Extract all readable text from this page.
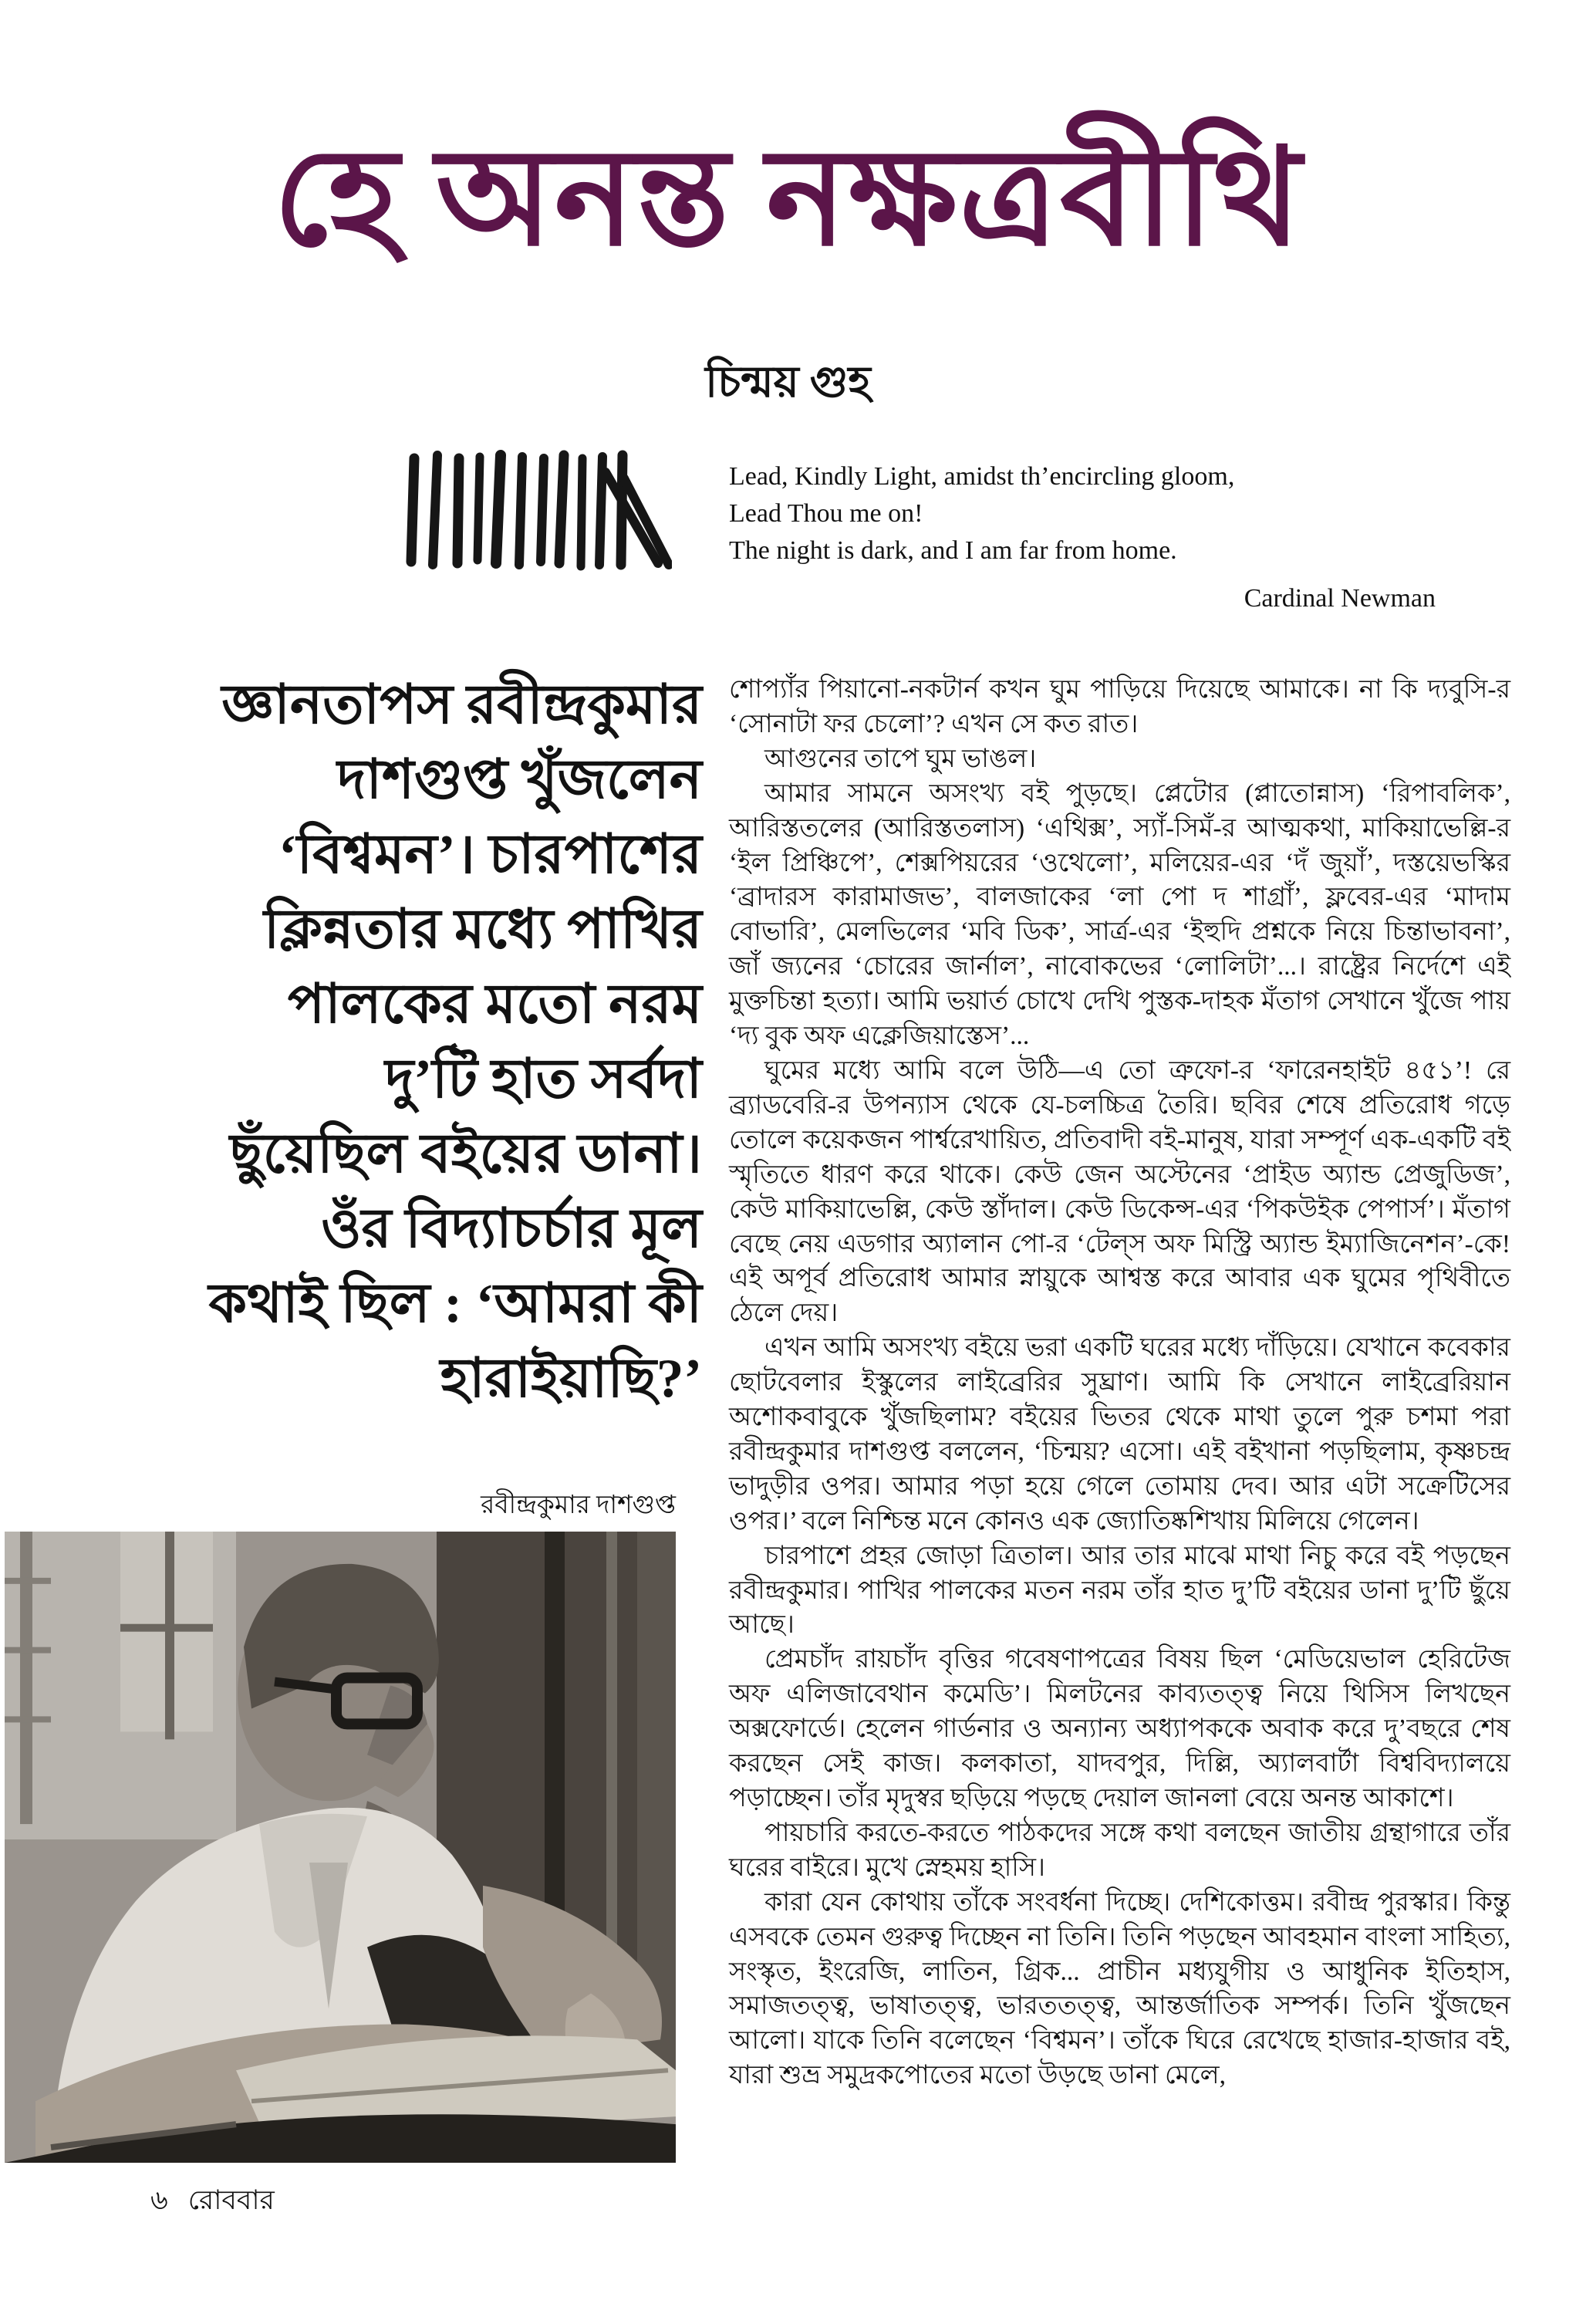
হে অনন্ত নক্ষত্রবীথি
চিন্ময় গুহ
Lead, Kindly Light, amidst th’encircling gloom,
Lead Thou me on!
The night is dark, and I am far from home.
Cardinal Newman
জ্ঞানতাপস রবীন্দ্রকুমার
দাশগুপ্ত খুঁজলেন
‘বিশ্বমন’। চারপাশের
ক্লিন্নতার মধ্যে পাখির
পালকের মতো নরম
দু’টি হাত সর্বদা
ছুঁয়েছিল বইয়ের ডানা।
ওঁর বিদ্যাচর্চার মূল
কথাই ছিল : ‘আমরা কী
হারাইয়াছি?’
রবীন্দ্রকুমার দাশগুপ্ত

শোপ্যাঁর পিয়ানো-নকটার্ন কখন ঘুম পাড়িয়ে দিয়েছে আমাকে। না কি দ্যবুসি-র ‘সোনাটা ফর চেলো’? এখন সে কত রাত।

আগুনের তাপে ঘুম ভাঙল।

আমার সামনে অসংখ্য বই পুড়ছে। প্লেটোর (প্লাতোন্নাস) ‘রিপাবলিক’, আরিস্ততলের (আরিস্ততলাস) ‘এথিক্স’, স্যাঁ-সিমঁ-র আত্মকথা, মাকিয়াভেল্লি-র ‘ইল প্রিঞ্চিপে’, শেক্সপিয়রের ‘ওথেলো’, মলিয়ের-এর ‘দঁ জুয়াঁ’, দস্তয়েভস্কির ‘ব্রাদারস কারামাজভ’, বালজাকের ‘লা পো দ শাগ্রাঁ’, ফ্লবের-এর ‘মাদাম বোভারি’, মেলভিলের ‘মবি ডিক’, সার্ত্র-এর ‘ইহুদি প্রশ্নকে নিয়ে চিন্তাভাবনা’, জাঁ জ্যনের ‘চোরের জার্নাল’, নাবোকভের ‘লোলিটা’...। রাষ্ট্রের নির্দেশে এই মুক্তচিন্তা হত্যা। আমি ভয়ার্ত চোখে দেখি পুস্তক-দাহক মঁতাগ সেখানে খুঁজে পায় ‘দ্য বুক অফ এক্লেজিয়াস্তেস’...

ঘুমের মধ্যে আমি বলে উঠি—এ তো ত্রুফো-র ‘ফারেনহাইট ৪৫১’! রে ব্র্যাডবেরি-র উপন্যাস থেকে যে-চলচ্চিত্র তৈরি। ছবির শেষে প্রতিরোধ গড়ে তোলে কয়েকজন পার্শ্বরেখায়িত, প্রতিবাদী বই-মানুষ, যারা সম্পূর্ণ এক-একটি বই স্মৃতিতে ধারণ করে থাকে। কেউ জেন অস্টেনের ‘প্রাইড অ্যান্ড প্রেজুডিজ’, কেউ মাকিয়াভেল্লি, কেউ স্তাঁদাল। কেউ ডিকেন্স-এর ‘পিকউইক পেপার্স’। মঁতাগ বেছে নেয় এডগার অ্যালান পো-র ‘টেল্স অফ মিস্ট্রি অ্যান্ড ইম্যাজিনেশন’-কে! এই অপূর্ব প্রতিরোধ আমার স্নায়ুকে আশ্বস্ত করে আবার এক ঘুমের পৃথিবীতে ঠেলে দেয়।

এখন আমি অসংখ্য বইয়ে ভরা একটি ঘরের মধ্যে দাঁড়িয়ে। যেখানে কবেকার ছোটবেলার ইস্কুলের লাইব্রেরির সুঘ্রাণ। আমি কি সেখানে লাইব্রেরিয়ান অশোকবাবুকে খুঁজছিলাম? বইয়ের ভিতর থেকে মাথা তুলে পুরু চশমা পরা রবীন্দ্রকুমার দাশগুপ্ত বললেন, ‘চিন্ময়? এসো। এই বইখানা পড়ছিলাম, কৃষ্ণচন্দ্র ভাদুড়ীর ওপর। আমার পড়া হয়ে গেলে তোমায় দেব। আর এটা সক্রেটিসের ওপর।’ বলে নিশ্চিন্ত মনে কোনও এক জ্যোতিষ্কশিখায় মিলিয়ে গেলেন।

চারপাশে প্রহর জোড়া ত্রিতাল। আর তার মাঝে মাথা নিচু করে বই পড়ছেন রবীন্দ্রকুমার। পাখির পালকের মতন নরম তাঁর হাত দু’টি বইয়ের ডানা দু’টি ছুঁয়ে আছে।

প্রেমচাঁদ রায়চাঁদ বৃত্তির গবেষণাপত্রের বিষয় ছিল ‘মেডিয়েভাল হেরিটেজ অফ এলিজাবেথান কমেডি’। মিলটনের কাব্যতত্ত্ব নিয়ে থিসিস লিখছেন অক্সফোর্ডে। হেলেন গার্ডনার ও অন্যান্য অধ্যাপককে অবাক করে দু’বছরে শেষ করছেন সেই কাজ। কলকাতা, যাদবপুর, দিল্লি, অ্যালবার্টা বিশ্ববিদ্যালয়ে পড়াচ্ছেন। তাঁর মৃদুস্বর ছড়িয়ে পড়ছে দেয়াল জানলা বেয়ে অনন্ত আকাশে।

পায়চারি করতে-করতে পাঠকদের সঙ্গে কথা বলছেন জাতীয় গ্রন্থাগারে তাঁর ঘরের বাইরে। মুখে স্নেহময় হাসি।

কারা যেন কোথায় তাঁকে সংবর্ধনা দিচ্ছে। দেশিকোত্তম। রবীন্দ্র পুরস্কার। কিন্তু এসবকে তেমন গুরুত্ব দিচ্ছেন না তিনি। তিনি পড়ছেন আবহমান বাংলা সাহিত্য, সংস্কৃত, ইংরেজি, লাতিন, গ্রিক... প্রাচীন মধ্যযুগীয় ও আধুনিক ইতিহাস, সমাজতত্ত্ব, ভাষাতত্ত্ব, ভারততত্ত্ব, আন্তর্জাতিক সম্পর্ক। তিনি খুঁজছেন আলো। যাকে তিনি বলেছেন ‘বিশ্বমন’। তাঁকে ঘিরে রেখেছে হাজার-হাজার বই, যারা শুভ্র সমুদ্রকপোতের মতো উড়ছে ডানা মেলে,

৬ রোববার
